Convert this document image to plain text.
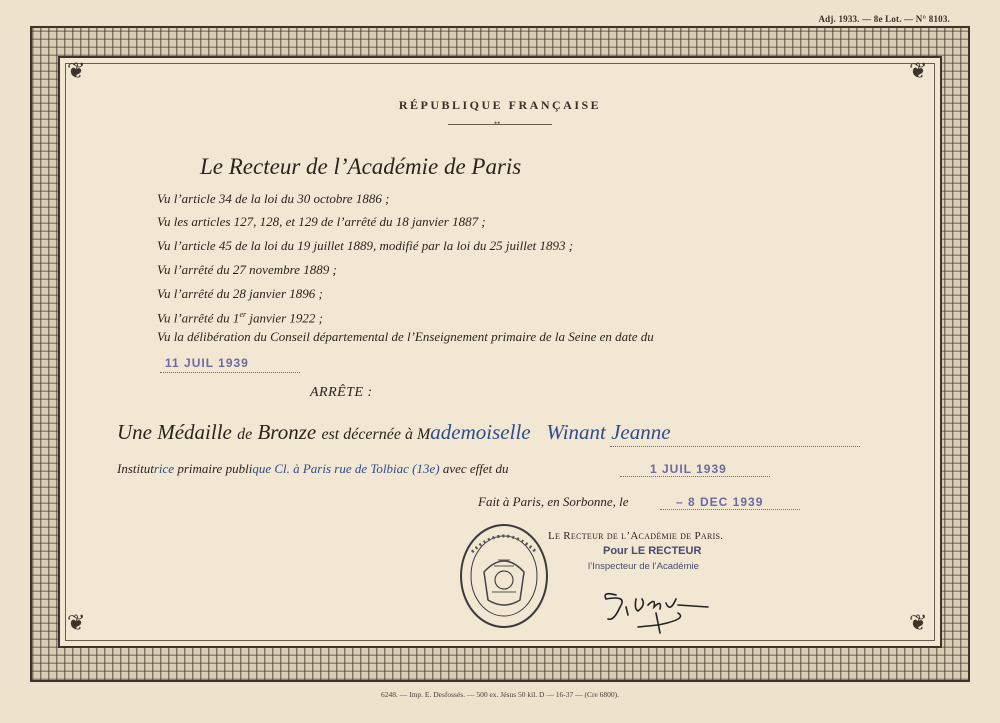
Adj. 1933. — 8e Lot. — N° 8103.
❦	❦
❦	❦
RÉPUBLIQUE FRANÇAISE
••
Le Recteur de l’Académie de Paris
Vu l’article 34 de la loi du 30 octobre 1886 ;
Vu les articles 127, 128, et 129 de l’arrêté du 18 janvier 1887 ;
Vu l’article 45 de la loi du 19 juillet 1889, modifié par la loi du 25 juillet 1893 ;
Vu l’arrêté du 27 novembre 1889 ;
Vu l’arrêté du 28 janvier 1896 ;
Vu l’arrêté du 1er janvier 1922 ;
Vu la délibération du Conseil départemental de l’Enseignement primaire de la Seine en date du
11 JUIL 1939
ARRÊTE :
Une Médaille de Bronze est décernée à Mademoiselle Winant Jeanne
Institutrice primaire publique Cl. à Paris rue de Tolbiac (13e) avec effet du	1 JUIL 1939
Fait à Paris, en Sorbonne, le	– 8 DEC 1939
Le Recteur de l’Académie de Paris.
Pour LE RECTEUR
l’Inspecteur de l’Académie
6248. — Imp. E. Desfossés. — 500 ex. Jésus 50 kil. D — 16-37 — (Cre 6800).
